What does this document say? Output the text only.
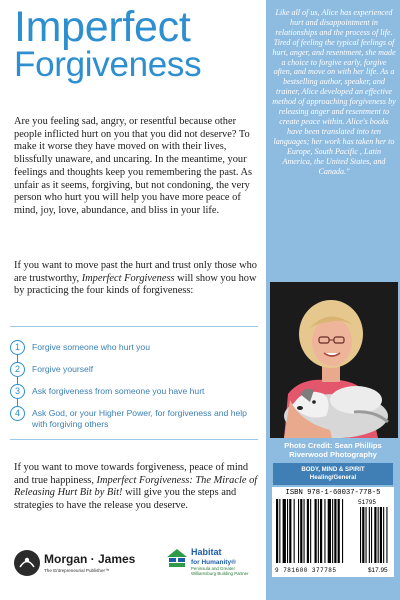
Imperfect
Forgiveness

Are you feeling sad, angry, or resentful because other people inflicted hurt on you that you did not deserve? To make it worse they have moved on with their lives, blissfully unaware, and uncaring. In the meantime, your feelings and thoughts keep you remembering the past. As unfair as it seems, forgiving, but not condoning, the very person who hurt you will help you have more peace of mind, joy, love, abundance, and bliss in your life.

If you want to move past the hurt and trust only those who are trustworthy, Imperfect Forgiveness will show you how by practicing the four kinds of forgiveness:

1	Forgive someone who hurt you
2	Forgive yourself
3	Ask forgiveness from someone you have hurt
4	Ask God, or your Higher Power, for forgiveness and help with forgiving others

If you want to move towards forgiveness, peace of mind and true happiness, Imperfect Forgiveness: The Miracle of Releasing Hurt Bit by Bit! will give you the steps and strategies to have the release you deserve.

Morgan · James
The Entrepreneurial Publisher™
Habitat
for Humanity®
Peninsula and Greater Williamsburg Building Partner

Like all of us, Alice has experienced hurt and disappointment in relationships and the process of life. Tired of feeling the typical feelings of hurt, anger, and resentment, she made a choice to forgive early, forgive often, and move on with her life. As a bestselling author, speaker, and trainer, Alice developed an effective method of approaching forgiveness by releasing anger and resentment to create peace within. Alice's books have been translated into ten languages; her work has taken her to Europe, South Pacific , Latin America, the United States, and Canada."

Photo Credit: Sean Phillips
Riverwood Photography
BODY, MIND & SPIRIT
Healing/General
ISBN 978-1-60037-778-5
51795
9 781600 377785	$17.95
